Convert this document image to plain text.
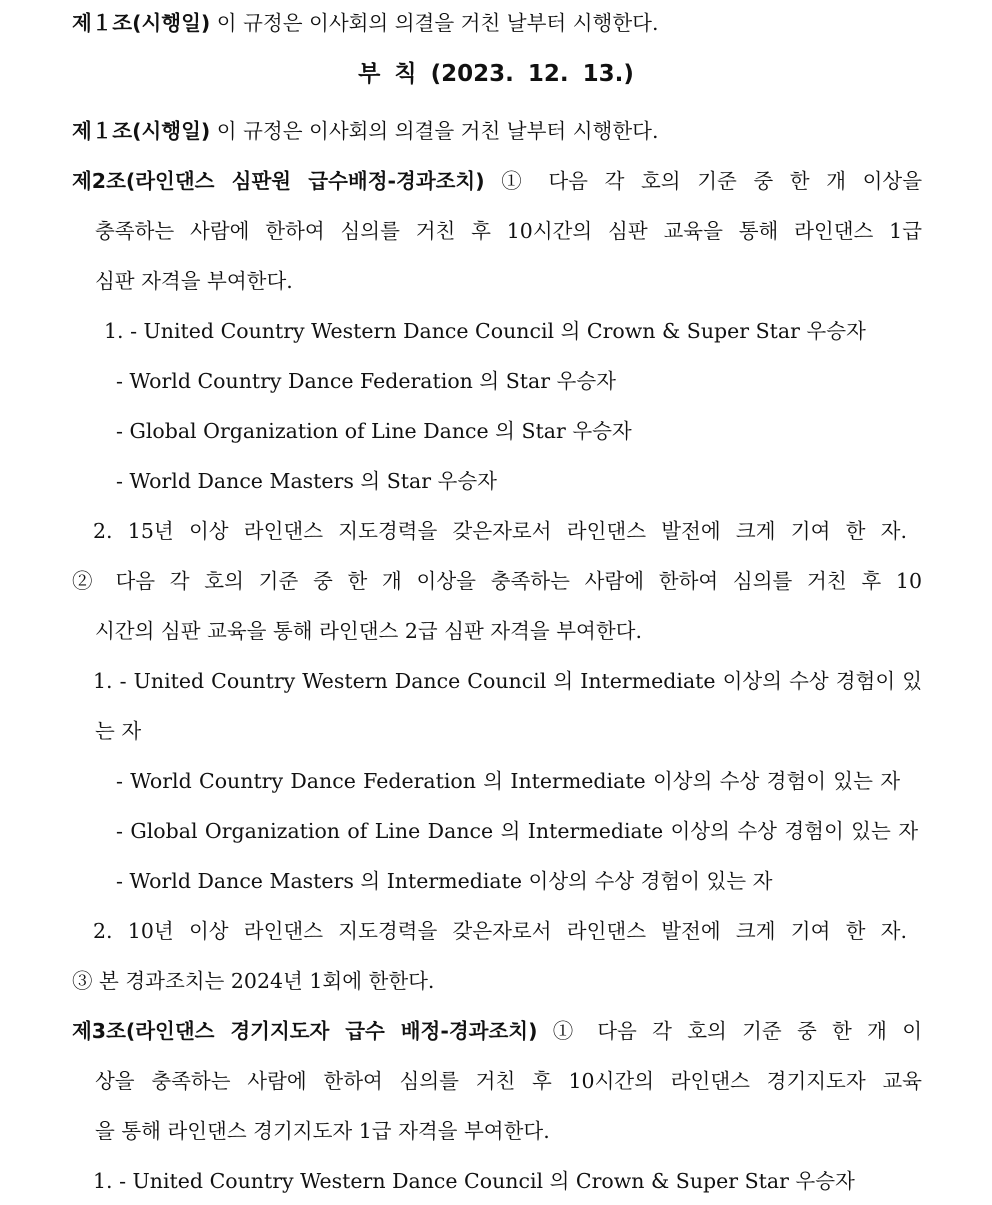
제１조(시행일) 이 규정은 이사회의 의결을 거친 날부터 시행한다.
부 칙 (2023. 12. 13.)
제１조(시행일) 이 규정은 이사회의 의결을 거친 날부터 시행한다.
제2조(라인댄스 심판원 급수배정-경과조치) ① 다음 각 호의 기준 중 한 개 이상을
충족하는 사람에 한하여 심의를 거친 후 10시간의 심판 교육을 통해 라인댄스 1급
심판 자격을 부여한다.
1. - United Country Western Dance Council 의 Crown & Super Star 우승자
- World Country Dance Federation 의 Star 우승자
- Global Organization of Line Dance 의 Star 우승자
- World Dance Masters 의 Star 우승자
2. 15년 이상 라인댄스 지도경력을 갖은자로서 라인댄스 발전에 크게 기여 한 자.
② 다음 각 호의 기준 중 한 개 이상을 충족하는 사람에 한하여 심의를 거친 후 10
시간의 심판 교육을 통해 라인댄스 2급 심판 자격을 부여한다.
1. - United Country Western Dance Council 의 Intermediate 이상의 수상 경험이 있
는 자
- World Country Dance Federation 의 Intermediate 이상의 수상 경험이 있는 자
- Global Organization of Line Dance 의 Intermediate 이상의 수상 경험이 있는 자
- World Dance Masters 의 Intermediate 이상의 수상 경험이 있는 자
2. 10년 이상 라인댄스 지도경력을 갖은자로서 라인댄스 발전에 크게 기여 한 자.
③ 본 경과조치는 2024년 1회에 한한다.
제3조(라인댄스 경기지도자 급수 배정-경과조치) ① 다음 각 호의 기준 중 한 개 이
상을 충족하는 사람에 한하여 심의를 거친 후 10시간의 라인댄스 경기지도자 교육
을 통해 라인댄스 경기지도자 1급 자격을 부여한다.
1. - United Country Western Dance Council 의 Crown & Super Star 우승자
